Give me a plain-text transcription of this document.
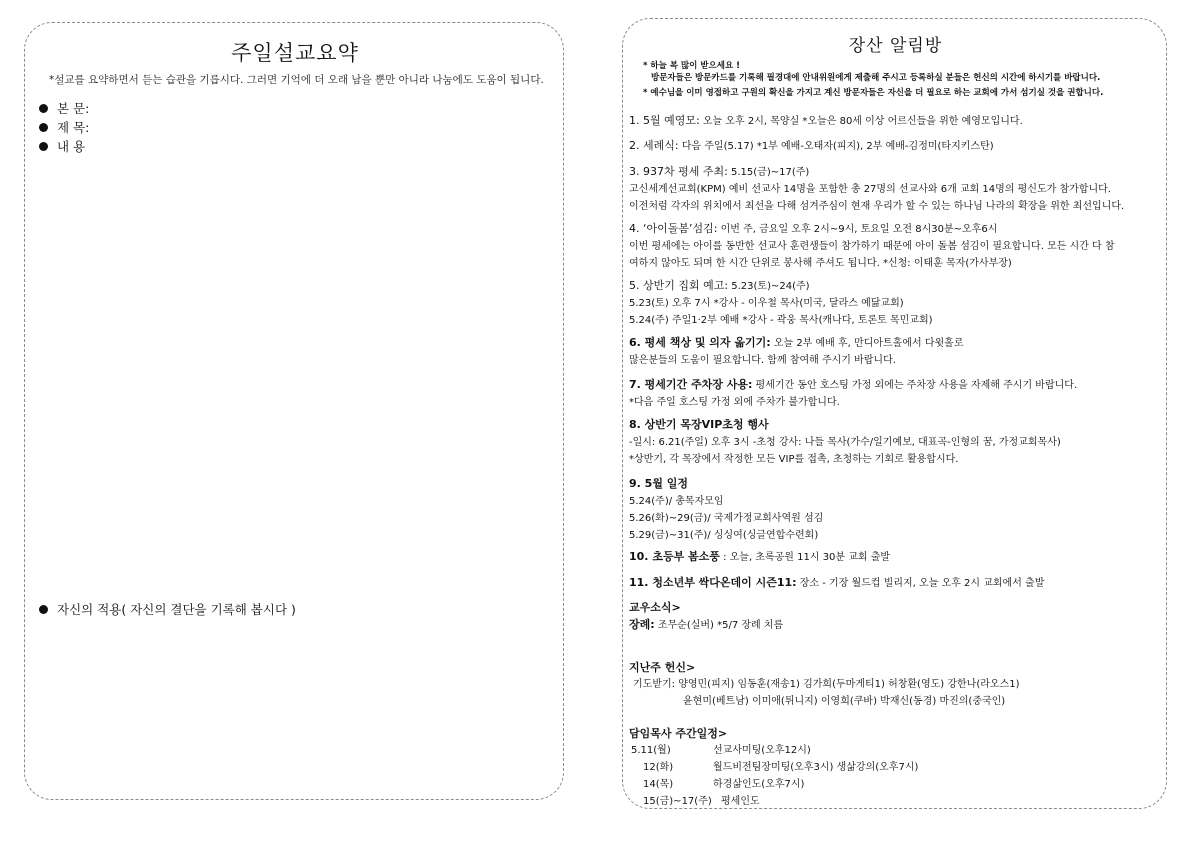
주일설교요약
*설교를 요약하면서 듣는 습관을 기릅시다. 그러면 기억에 더 오래 남을 뿐만 아니라 나눔에도 도움이 됩니다.
본 문:
제 목:
내 용
자신의 적용( 자신의 결단을 기록해 봅시다 )
장산 알림방
* 하늘 복 많이 받으세요 !
방문자들은 방문카드를 기록해 필경대에 안내위원에게 제출해 주시고 등록하실 분들은 헌신의 시간에 하시기를 바랍니다.
* 예수님을 이미 영접하고 구원의 확신을 가지고 계신 방문자들은 자신을 더 필요로 하는 교회에 가서 섬기실 것을 권합니다.
1. 5월 예영모: 오늘 오후 2시, 목양실 *오늘은 80세 이상 어르신들을 위한 예영모입니다.
2. 세례식: 다음 주일(5.17) *1부 예배-오태자(피지), 2부 예배-김정미(타지키스탄)
3. 937차 평세 주최: 5.15(금)~17(주)
고신세계선교회(KPM) 예비 선교사 14명을 포함한 총 27명의 선교사와 6개 교회 14명의 평신도가 참가합니다.
이전처럼 각자의 위치에서 최선을 다해 섬겨주심이 현재 우리가 할 수 있는 하나님 나라의 확장을 위한 최선입니다.
4. ‘아이돌봄’섬김: 이번 주, 금요일 오후 2시~9시, 토요일 오전 8시30분~오후6시
이번 평세에는 아이를 동반한 선교사 훈련생들이 참가하기 때문에 아이 돌봄 섬김이 필요합니다. 모든 시간 다 참
여하지 않아도 되며 한 시간 단위로 봉사해 주셔도 됩니다. *신청: 이태훈 목자(가사부장)
5. 상반기 집회 예고: 5.23(토)~24(주)
5.23(토) 오후 7시 *강사 - 이우철 목사(미국, 달라스 예닮교회)
5.24(주) 주일1·2부 예배 *강사 - 곽웅 목사(캐나다, 토론토 목민교회)
6. 평세 책상 및 의자 옮기기: 오늘 2부 예배 후, 만디아트홀에서 다윗홀로
많은분들의 도움이 필요합니다. 함께 참여해 주시기 바랍니다.
7. 평세기간 주차장 사용: 평세기간 동안 호스팅 가정 외에는 주차장 사용을 자제해 주시기 바랍니다.
*다음 주일 호스팅 가정 외에 주차가 불가합니다.
8. 상반기 목장VIP초청 행사
-일시: 6.21(주일) 오후 3시 -초청 강사: 나들 목사(가수/일기예보, 대표곡-인형의 꿈, 가정교회목사)
*상반기, 각 목장에서 작정한 모든 VIP를 접촉, 초청하는 기회로 활용합시다.
9. 5월 일정
5.24(주)/ 총목자모임
5.26(화)~29(금)/ 국제가정교회사역원 섬김
5.29(금)~31(주)/ 싱싱여(싱글연합수련회)
10. 초등부 봄소풍 : 오늘, 초록공원 11시 30분 교회 출발
11. 청소년부 싹다온데이 시즌11: 장소 - 기장 월드컵 빌리지, 오늘 오후 2시 교회에서 출발
교우소식>
장례: 조무순(실버) *5/7 장례 치름
지난주 헌신>
기도받기: 양영민(피지) 임동훈(재송1) 김가희(두마게티1) 허창환(영도) 강한나(라오스1)
윤현미(베트남) 이미애(튀니지) 이영희(쿠바) 박재신(동경) 마진의(중국인)
담임목사 주간일정>
5.11(월)	선교사미팅(오후12시)
12(화)	월드비전팀장미팅(오후3시) 생삶강의(오후7시)
14(목)	하경삶인도(오후7시)
15(금)~17(주) 평세인도
